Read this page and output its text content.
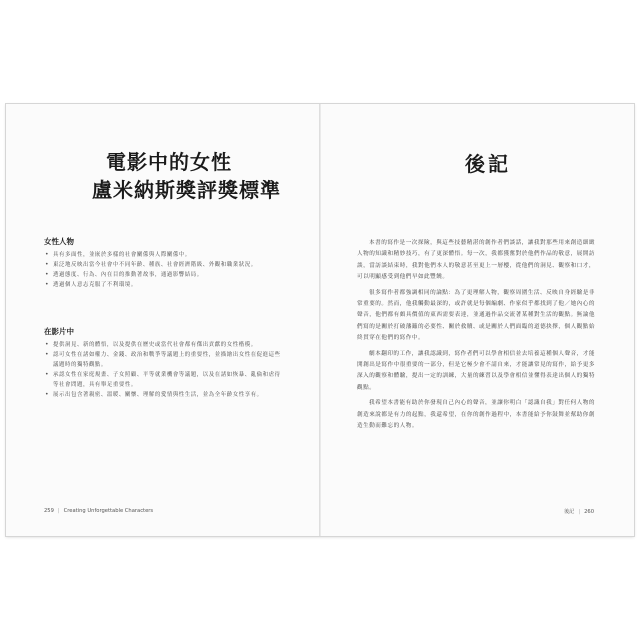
電影中的女性
盧米納斯獎評獎標準
女性人物
• 具有多面性，並嵌於多樣的社會關係與人際關係中。
• 東泛地反映出當今社會中不同年齡、種族、社會經濟階級、外觀和職業狀況。
• 透過態度、行為、內在目的推動著故事，通過影響結局。
• 透過個人意志克服了不利環境。
在影片中
• 提供洞見、新的體悟，以及提供在歷史或當代社會都有傑出貢獻的女性楷模。
• 認可女性在諸如權力、金錢、政治和戰爭等議題上的重要性，並描繪出女性在促進這些議題時的獨特觀點。
• 承認女性在家庭規畫、子女照顧、平等就業機會等議題，以及在諸如恢暴、亂倫和虐待等社會問題，具有舉足重要性。
• 展示出包含著親密、溫暖、關懷、理解的愛情與性生活，並為全年齡女性享有。
259 | Creating Unforgettable Characters
後記

本書的寫作是一次探險，與這些技藝精湛的創作者們談話，讓我對那些用來創造細緻人物的知識和精妙技巧，有了更深體悟。每一次，我都獲奮對於他們作品的敬意，展開訪談，當訪談結束時，我對他們本人的敬意甚至更上一層樓，從他們的洞見、觀察和口才，可以明顯感受到他們早如此豐饒。

很多寫作者都強調相同的論點：為了更理解人物，觀察周圍生活、反映自身經驗是非常重要的。然而，他我觸動最深的，或許就是每個編劇、作家似乎都找到了他／她內心的聲音，他們都有頗具價值的東西需要表達，並通過作品交流著某種對生活的觀點。無論他們寫的是關於打破藩籬的必要性、關於救贖、或是關於人們面臨的道德抉擇，個人觀點始終貫穿在他們的寫作中。

劇本翻印的工作，讓我認識到，寫作者們可以學會相信並去培養這種個人聲音，才能開創出是寫作中很重要的一部分，但是它極少會不請自來，才能讓常見的寫作，給予更多深入的觀察和體驗，提出一定的訓練，大量的練習以及學會相信並懂得表達出個人的獨特觀點。

我希望本書能有助於你發現自己內心的聲音，並讓你明白「認識自我」對任何人物的創造來說都是有力的起點，我還希望，在你的創作過程中，本書能給予你鼓舞並幫助你創造生動而難忘的人物。

後記 | 260
